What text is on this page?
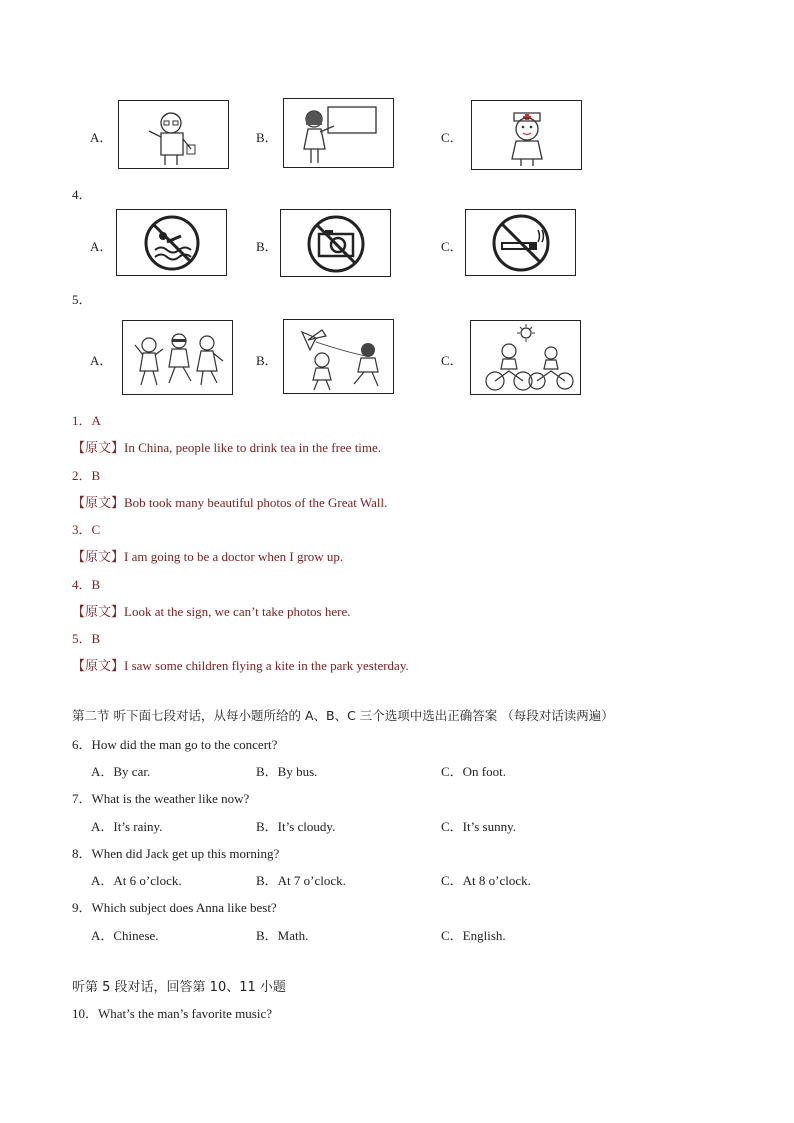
A．	B．	C．
4．
A．	B．	C．
5．
A．	B．	C．
1．A
【原文】In China, people like to drink tea in the free time.
2．B
【原文】Bob took many beautiful photos of the Great Wall.
3．C
【原文】I am going to be a doctor when I grow up.
4．B
【原文】Look at the sign, we can’t take photos here.
5．B
【原文】I saw some children flying a kite in the park yesterday.
第二节 听下面七段对话，从每小题所给的 A、B、C 三个选项中选出正确答案 （每段对话读两遍）
6．How did the man go to the concert?
A．By car.	B．By bus.	C．On foot.
7．What is the weather like now?
A．It’s rainy.	B．It’s cloudy.	C．It’s sunny.
8．When did Jack get up this morning?
A．At 6 o’clock.	B．At 7 o’clock.	C．At 8 o’clock.
9．Which subject does Anna like best?
A．Chinese.	B．Math.	C．English.
听第 5 段对话，回答第 10、11 小题
10．What’s the man’s favorite music?
